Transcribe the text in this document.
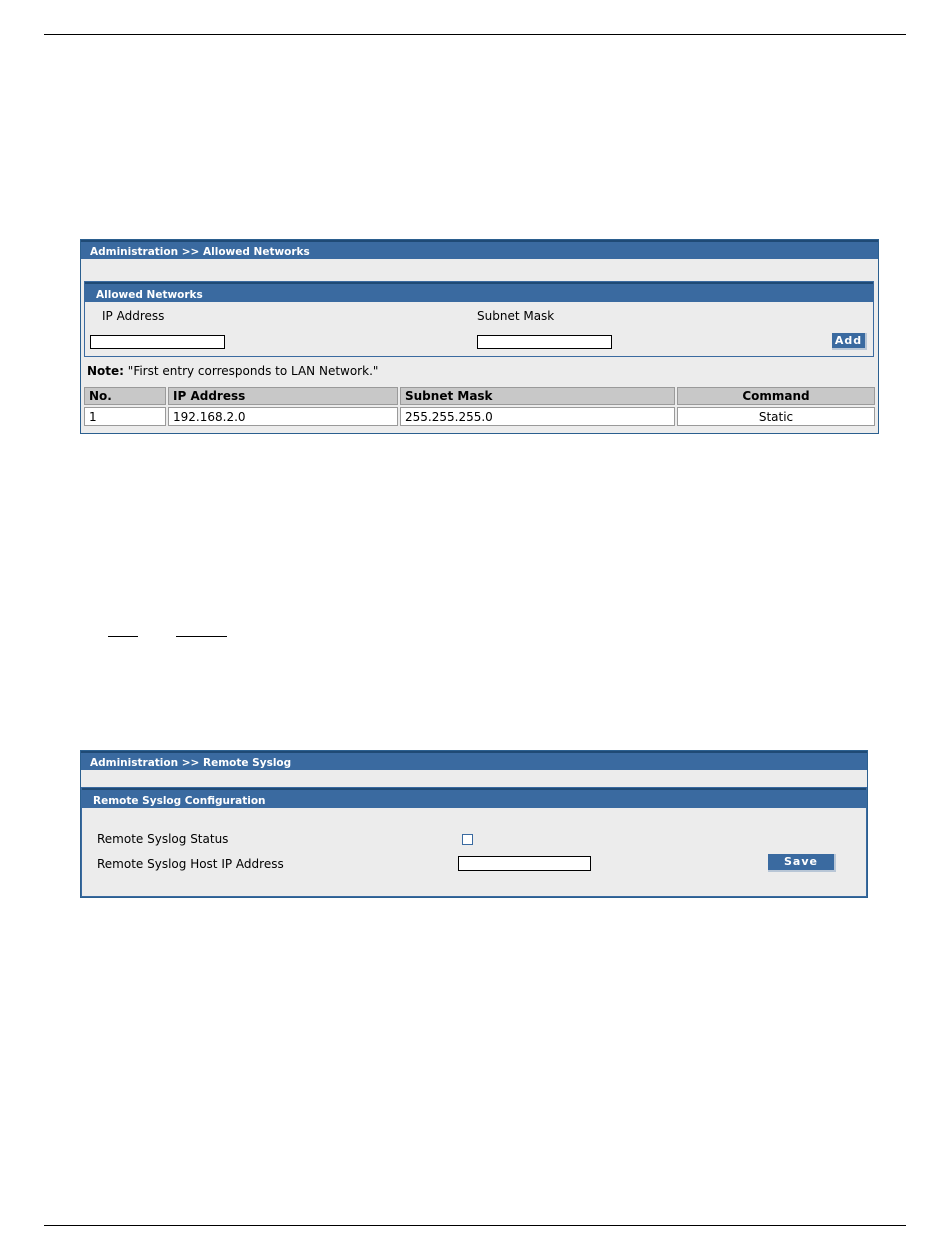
Administration >> Allowed Networks
Allowed Networks
IP Address	Subnet Mask
Add
Note: "First entry corresponds to LAN Network."
No.	IP Address	Subnet Mask	Command
1	192.168.2.0	255.255.255.0	Static
Administration >> Remote Syslog
Remote Syslog Configuration
Remote Syslog Status
Remote Syslog Host IP Address	Save
